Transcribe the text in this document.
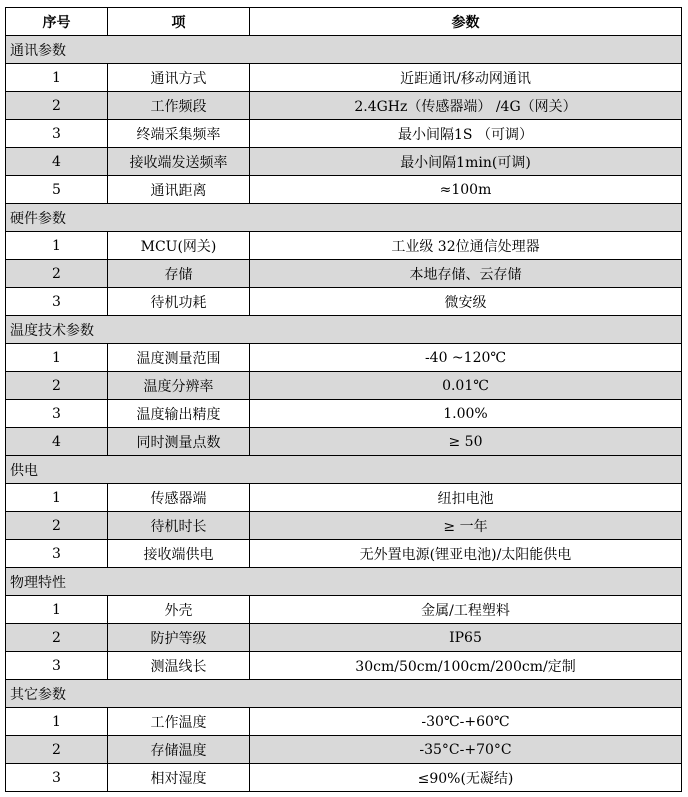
序号	项	参数
通讯参数		
1	通讯方式	近距通讯/移动网通讯
2	工作频段	2.4GHz（传感器端） /4G（网关）
3	终端采集频率	最小间隔1S （可调）
4	接收端发送频率	最小间隔1min(可调)
5	通讯距离	≈100m
硬件参数		
1	MCU(网关)	工业级 32位通信处理器
2	存储	本地存储、云存储
3	待机功耗	微安级
温度技术参数		
1	温度测量范围	-40 ~120℃
2	温度分辨率	0.01℃
3	温度输出精度	1.00%
4	同时测量点数	≥ 50
供电		
1	传感器端	纽扣电池
2	待机时长	≥ 一年
3	接收端供电	无外置电源(锂亚电池)/太阳能供电
物理特性		
1	外壳	金属/工程塑料
2	防护等级	IP65
3	测温线长	30cm/50cm/100cm/200cm/定制
其它参数		
1	工作温度	-30℃-+60℃
2	存储温度	-35°C-+70°C
3	相对湿度	≤90%(无凝结)
